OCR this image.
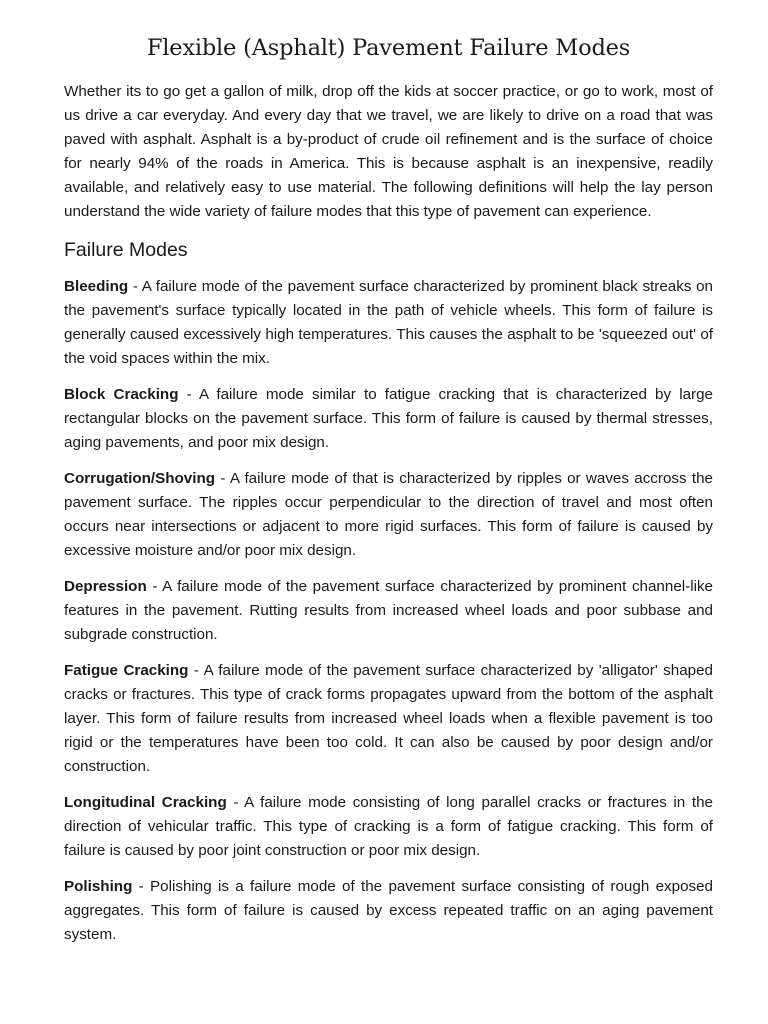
Flexible (Asphalt) Pavement Failure Modes

Whether its to go get a gallon of milk, drop off the kids at soccer practice, or go to work, most of us drive a car everyday. And every day that we travel, we are likely to drive on a road that was paved with asphalt. Asphalt is a by-product of crude oil refinement and is the surface of choice for nearly 94% of the roads in America. This is because asphalt is an inexpensive, readily available, and relatively easy to use material. The following definitions will help the lay person understand the wide variety of failure modes that this type of pavement can experience.

Failure Modes

Bleeding - A failure mode of the pavement surface characterized by prominent black streaks on the pavement's surface typically located in the path of vehicle wheels. This form of failure is generally caused excessively high temperatures. This causes the asphalt to be 'squeezed out' of the void spaces within the mix.

Block Cracking - A failure mode similar to fatigue cracking that is characterized by large rectangular blocks on the pavement surface. This form of failure is caused by thermal stresses, aging pavements, and poor mix design.

Corrugation/Shoving - A failure mode of that is characterized by ripples or waves accross the pavement surface. The ripples occur perpendicular to the direction of travel and most often occurs near intersections or adjacent to more rigid surfaces. This form of failure is caused by excessive moisture and/or poor mix design.

Depression - A failure mode of the pavement surface characterized by prominent channel-like features in the pavement. Rutting results from increased wheel loads and poor subbase and subgrade construction.

Fatigue Cracking - A failure mode of the pavement surface characterized by 'alligator' shaped cracks or fractures. This type of crack forms propagates upward from the bottom of the asphalt layer. This form of failure results from increased wheel loads when a flexible pavement is too rigid or the temperatures have been too cold. It can also be caused by poor design and/or construction.

Longitudinal Cracking - A failure mode consisting of long parallel cracks or fractures in the direction of vehicular traffic. This type of cracking is a form of fatigue cracking. This form of failure is caused by poor joint construction or poor mix design.

Polishing - Polishing is a failure mode of the pavement surface consisting of rough exposed aggregates. This form of failure is caused by excess repeated traffic on an aging pavement system.
